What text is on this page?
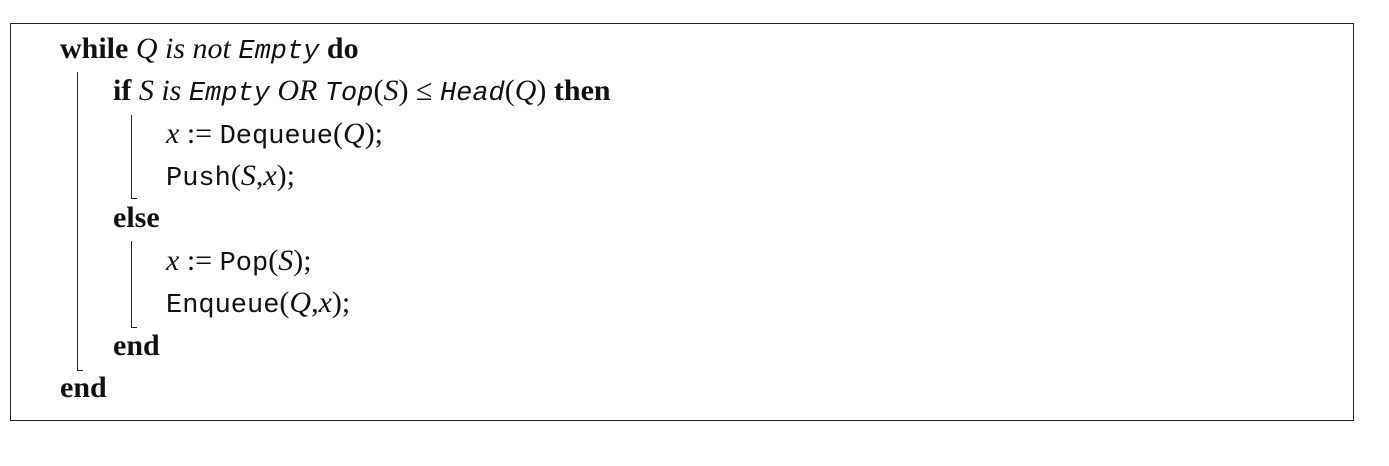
while Q is not Empty do
if S is Empty OR Top(S) ≤ Head(Q) then
x := Dequeue(Q);
Push(S,x);
else
x := Pop(S);
Enqueue(Q,x);
end
end
